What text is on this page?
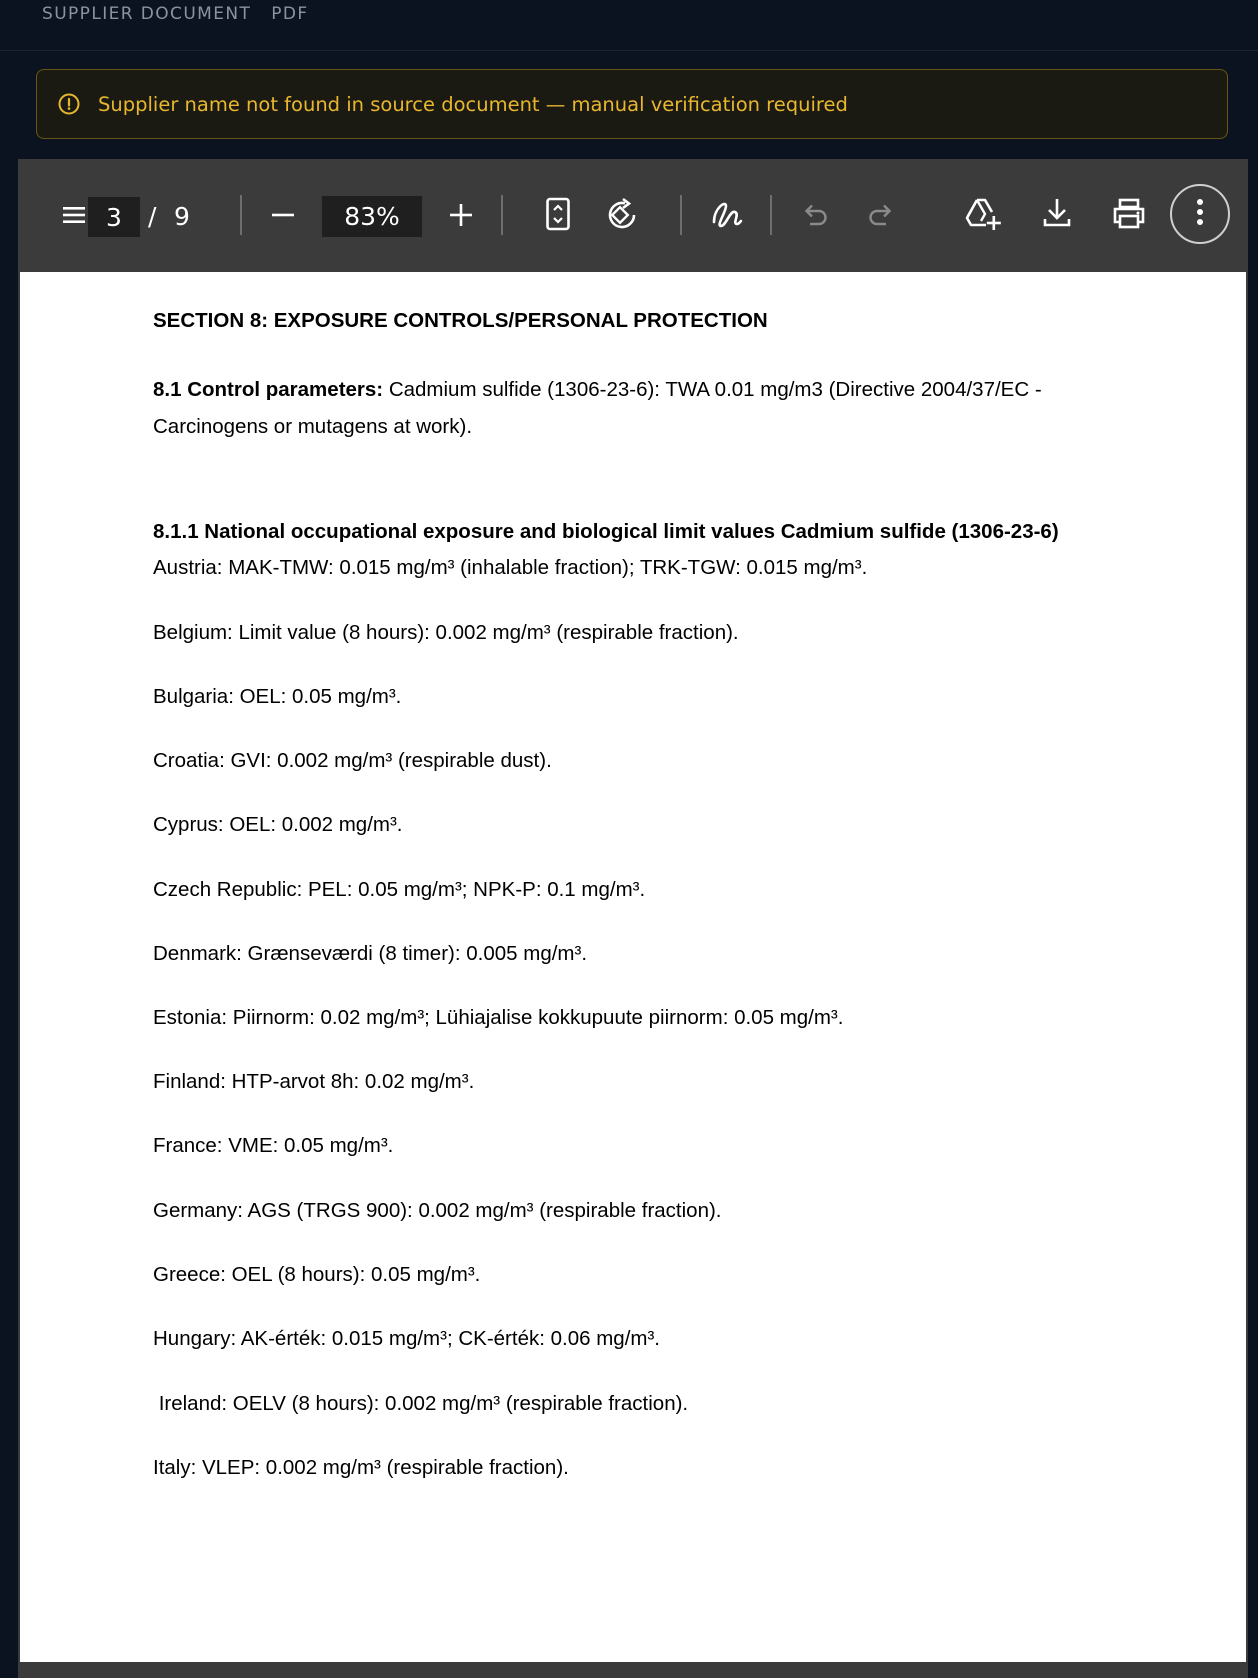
SUPPLIER DOCUMENT PDF
Supplier name not found in source document — manual verification required
3	/ 9	83%
SECTION 8: EXPOSURE CONTROLS/PERSONAL PROTECTION
8.1 Control parameters: Cadmium sulfide (1306-23-6): TWA 0.01 mg/m3 (Directive 2004/37/EC -
Carcinogens or mutagens at work).
8.1.1 National occupational exposure and biological limit values Cadmium sulfide (1306-23-6)
Austria: MAK-TMW: 0.015 mg/m³ (inhalable fraction); TRK-TGW: 0.015 mg/m³.
Belgium: Limit value (8 hours): 0.002 mg/m³ (respirable fraction).
Bulgaria: OEL: 0.05 mg/m³.
Croatia: GVI: 0.002 mg/m³ (respirable dust).
Cyprus: OEL: 0.002 mg/m³.
Czech Republic: PEL: 0.05 mg/m³; NPK-P: 0.1 mg/m³.
Denmark: Grænseværdi (8 timer): 0.005 mg/m³.
Estonia: Piirnorm: 0.02 mg/m³; Lühiajalise kokkupuute piirnorm: 0.05 mg/m³.
Finland: HTP-arvot 8h: 0.02 mg/m³.
France: VME: 0.05 mg/m³.
Germany: AGS (TRGS 900): 0.002 mg/m³ (respirable fraction).
Greece: OEL (8 hours): 0.05 mg/m³.
Hungary: AK-érték: 0.015 mg/m³; CK-érték: 0.06 mg/m³.
Ireland: OELV (8 hours): 0.002 mg/m³ (respirable fraction).
Italy: VLEP: 0.002 mg/m³ (respirable fraction).
